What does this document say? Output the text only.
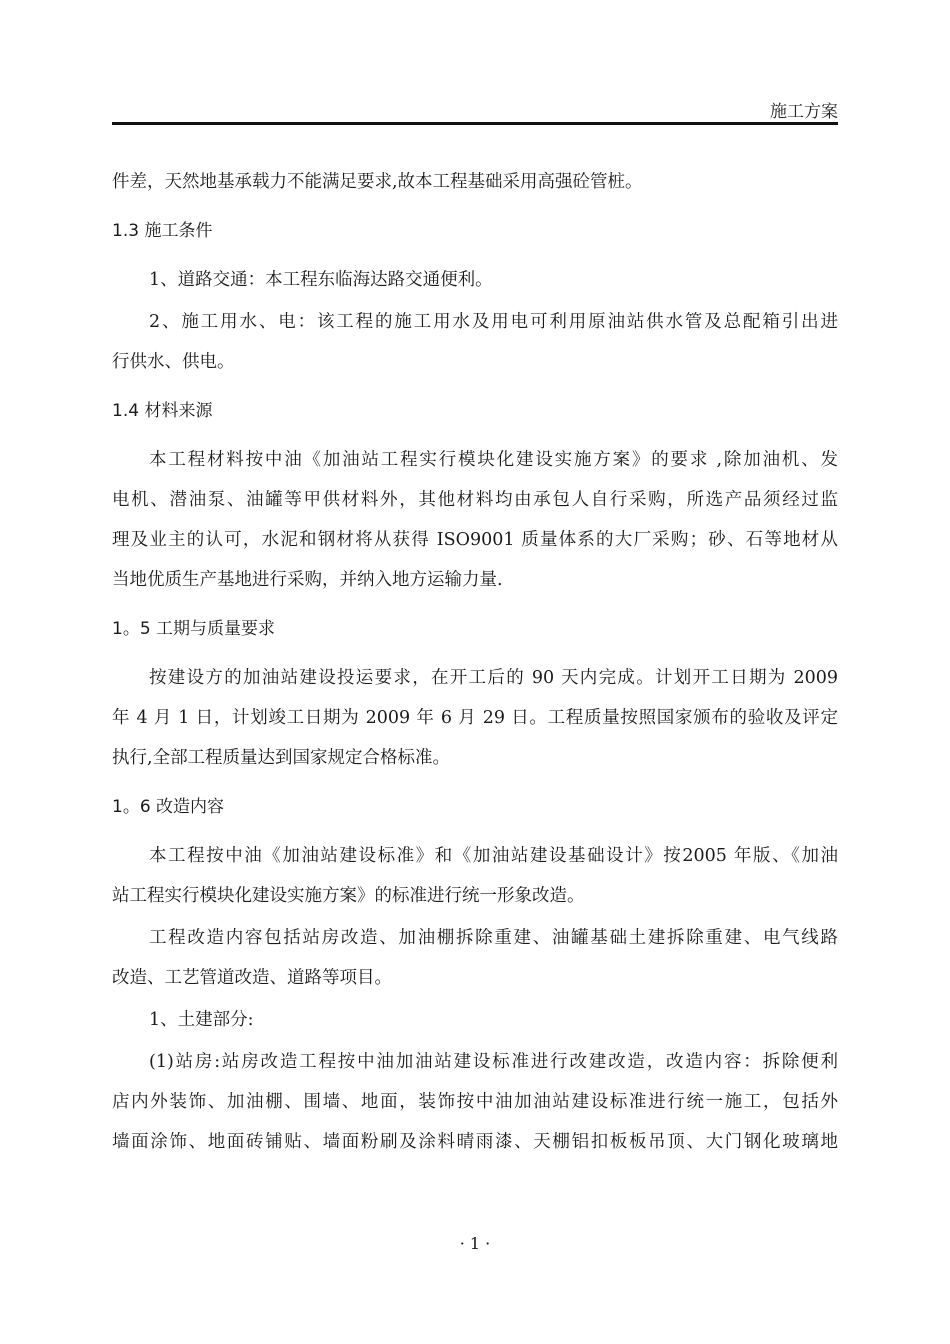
施工方案
件差，天然地基承载力不能满足要求,故本工程基础采用高强砼管桩。
1.3 施工条件
1、道路交通：本工程东临海达路交通便利。
2、施工用水、电：该工程的施工用水及用电可利用原油站供水管及总配箱引出进
行供水、供电。
1.4 材料来源
本工程材料按中油《加油站工程实行模块化建设实施方案》的要求 ,除加油机、发
电机、潜油泵、油罐等甲供材料外，其他材料均由承包人自行采购，所选产品须经过监
理及业主的认可，水泥和钢材将从获得 ISO9001 质量体系的大厂采购；砂、石等地材从
当地优质生产基地进行采购，并纳入地方运输力量.
1。5 工期与质量要求
按建设方的加油站建设投运要求，在开工后的 90 天内完成。计划开工日期为 2009
年 4 月 1 日，计划竣工日期为 2009 年 6 月 29 日。工程质量按照国家颁布的验收及评定
执行,全部工程质量达到国家规定合格标准。
1。6 改造内容
本工程按中油《加油站建设标准》和《加油站建设基础设计》按2005 年版、《加油
站工程实行模块化建设实施方案》的标准进行统一形象改造。
工程改造内容包括站房改造、加油棚拆除重建、油罐基础土建拆除重建、电气线路
改造、工艺管道改造、道路等项目。
1、土建部分:
(1)站房:站房改造工程按中油加油站建设标准进行改建改造，改造内容：拆除便利
店内外装饰、加油棚、围墙、地面，装饰按中油加油站建设标准进行统一施工，包括外
墙面涂饰、地面砖铺贴、墙面粉刷及涂料晴雨漆、天棚铝扣板板吊顶、大门钢化玻璃地
· 1 ·
